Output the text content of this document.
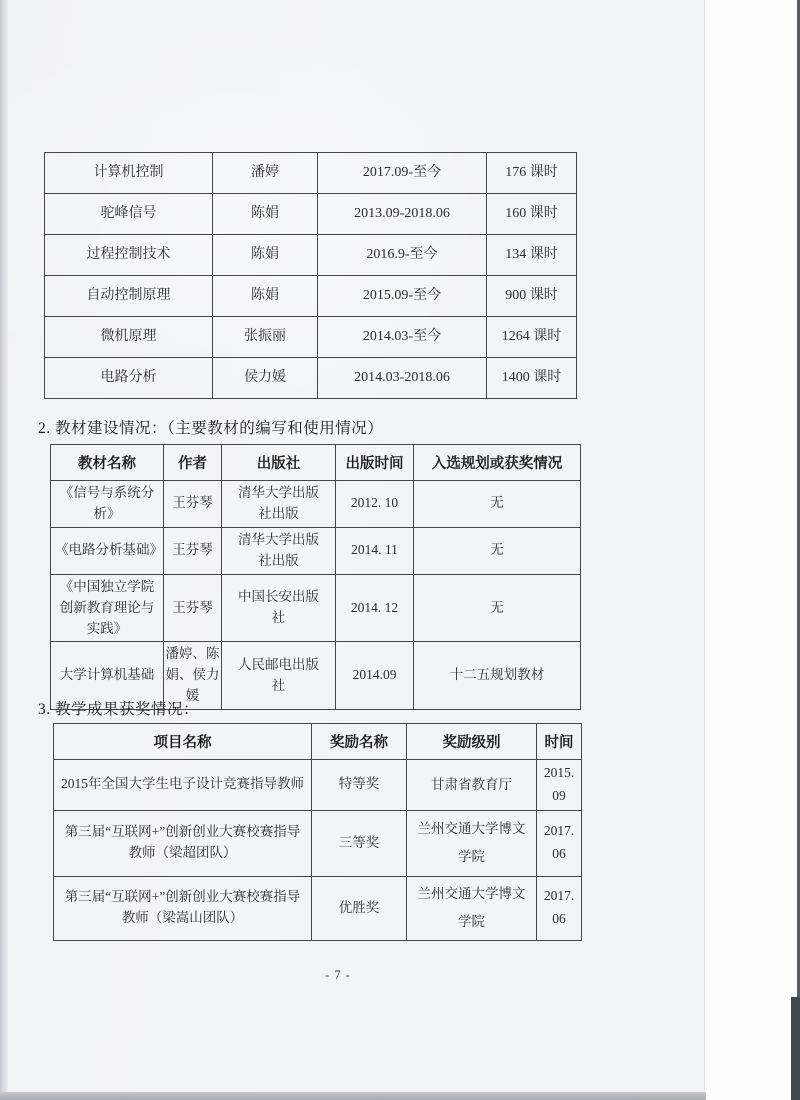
计算机控制	潘婷	2017.09-至今	176 课时
驼峰信号	陈娟	2013.09-2018.06	160 课时
过程控制技术	陈娟	2016.9-至今	134 课时
自动控制原理	陈娟	2015.09-至今	900 课时
微机原理	张振丽	2014.03-至今	1264 课时
电路分析	侯力媛	2014.03-2018.06	1400 课时
2. 教材建设情况：（主要教材的编写和使用情况）
教材名称	作者	出版社	出版时间	入选规划或获奖情况
《信号与系统分析》	王芬琴	清华大学出版社出版	2012. 10	无
《电路分析基础》	王芬琴	清华大学出版社出版	2014. 11	无
《中国独立学院创新教育理论与实践》	王芬琴	中国长安出版社	2014. 12	无
大学计算机基础	潘婷、陈娟、侯力媛	人民邮电出版社	2014.09	十二五规划教材
3. 教学成果获奖情况：
项目名称	奖励名称	奖励级别	时间
2015年全国大学生电子设计竞赛指导教师	特等奖	甘肃省教育厅	2015. 09
第三届“互联网+”创新创业大赛校赛指导教师（梁超团队）	三等奖	兰州交通大学博文学院	2017. 06
第三届“互联网+”创新创业大赛校赛指导教师（梁嵩山团队）	优胜奖	兰州交通大学博文学院	2017. 06
- 7 -
